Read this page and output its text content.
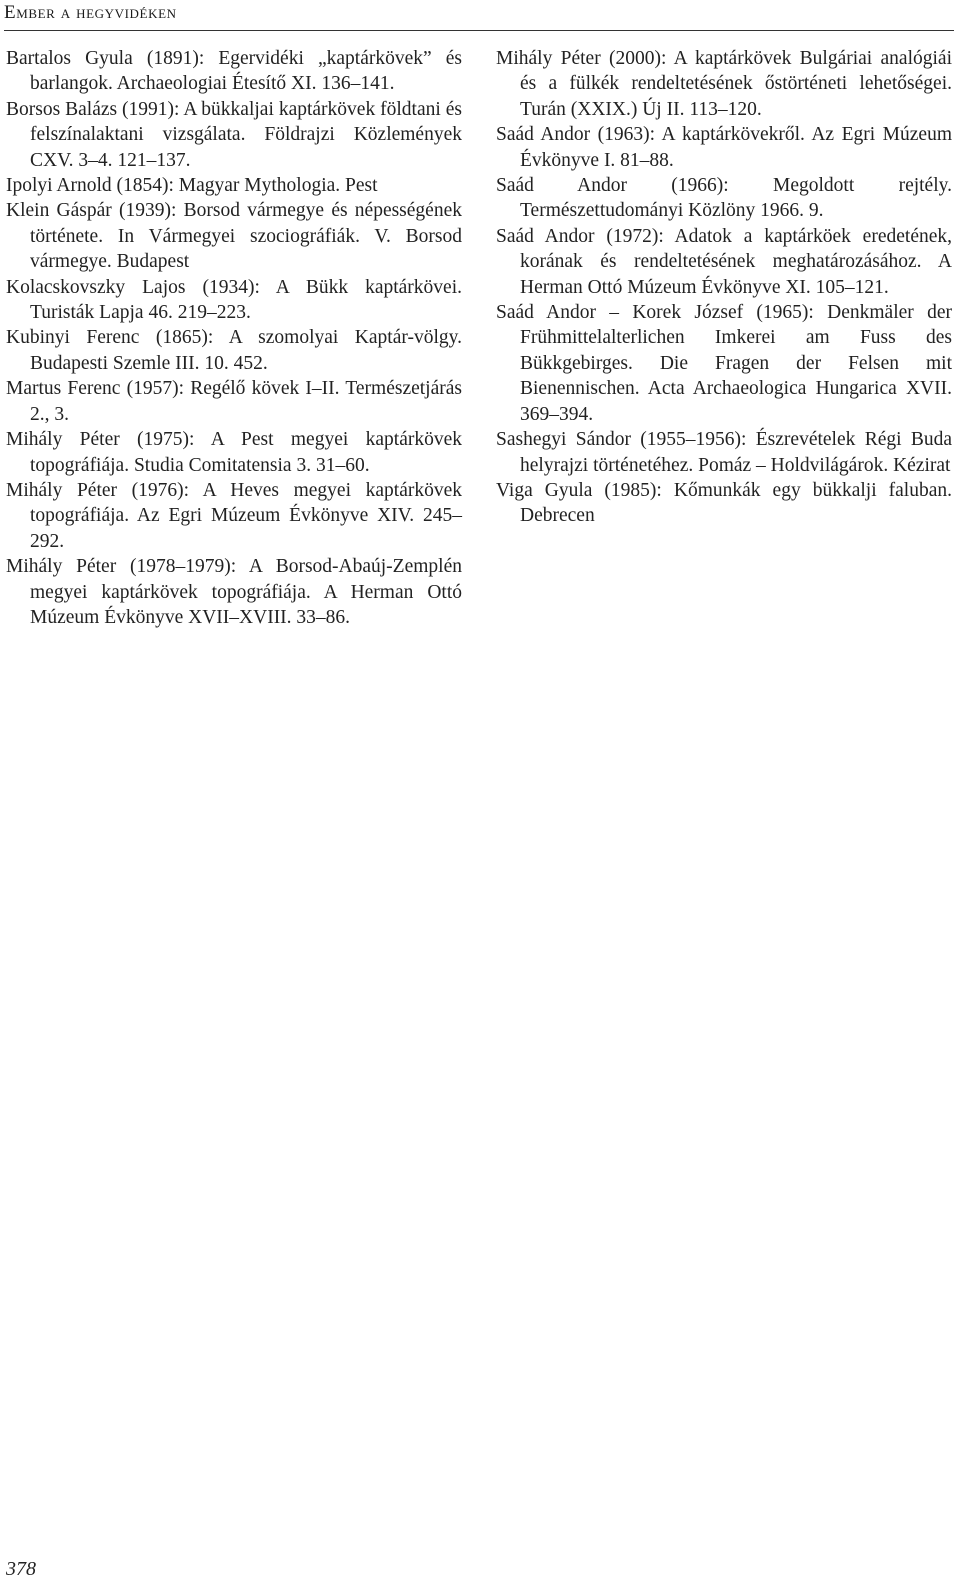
Ember a hegyvidéken

Bartalos Gyula (1891): Egervidéki „kaptárkövek” és barlangok. Archaeologiai Étesítő XI. 136–141.

Borsos Balázs (1991): A bükkaljai kaptárkövek földtani és felszínalaktani vizsgálata. Földrajzi Közlemények CXV. 3–4. 121–137.

Ipolyi Arnold (1854): Magyar Mythologia. Pest

Klein Gáspár (1939): Borsod vármegye és népességének története. In Vármegyei szociográfiák. V. Borsod vármegye. Budapest

Kolacskovszky Lajos (1934): A Bükk kaptárkövei. Turisták Lapja 46. 219–223.

Kubinyi Ferenc (1865): A szomolyai Kaptár-völgy. Budapesti Szemle III. 10. 452.

Martus Ferenc (1957): Regélő kövek I–II. Természetjárás 2., 3.

Mihály Péter (1975): A Pest megyei kaptárkövek topográfiája. Studia Comitatensia 3. 31–60.

Mihály Péter (1976): A Heves megyei kaptárkövek topográfiája. Az Egri Múzeum Évkönyve XIV. 245–292.

Mihály Péter (1978–1979): A Borsod-Abaúj-Zemplén megyei kaptárkövek topográfiája. A Herman Ottó Múzeum Évkönyve XVII–XVIII. 33–86.

Mihály Péter (2000): A kaptárkövek Bulgáriai analógiái és a fülkék rendeltetésének őstörténeti lehetőségei. Turán (XXIX.) Új II. 113–120.

Saád Andor (1963): A kaptárkövekről. Az Egri Múzeum Évkönyve I. 81–88.

Saád Andor (1966): Megoldott rejtély. Természettudományi Közlöny 1966. 9.

Saád Andor (1972): Adatok a kaptárköek eredetének, korának és rendeltetésének meghatározásához. A Herman Ottó Múzeum Évkönyve XI. 105–121.

Saád Andor – Korek József (1965): Denkmäler der Frühmittelalterlichen Imkerei am Fuss des Bükkgebirges. Die Fragen der Felsen mit Bienennischen. Acta Archaeologica Hungarica XVII. 369–394.

Sashegyi Sándor (1955–1956): Észrevételek Régi Buda helyrajzi történetéhez. Pomáz – Holdvilágárok. Kézirat

Viga Gyula (1985): Kőmunkák egy bükkalji faluban. Debrecen

378
